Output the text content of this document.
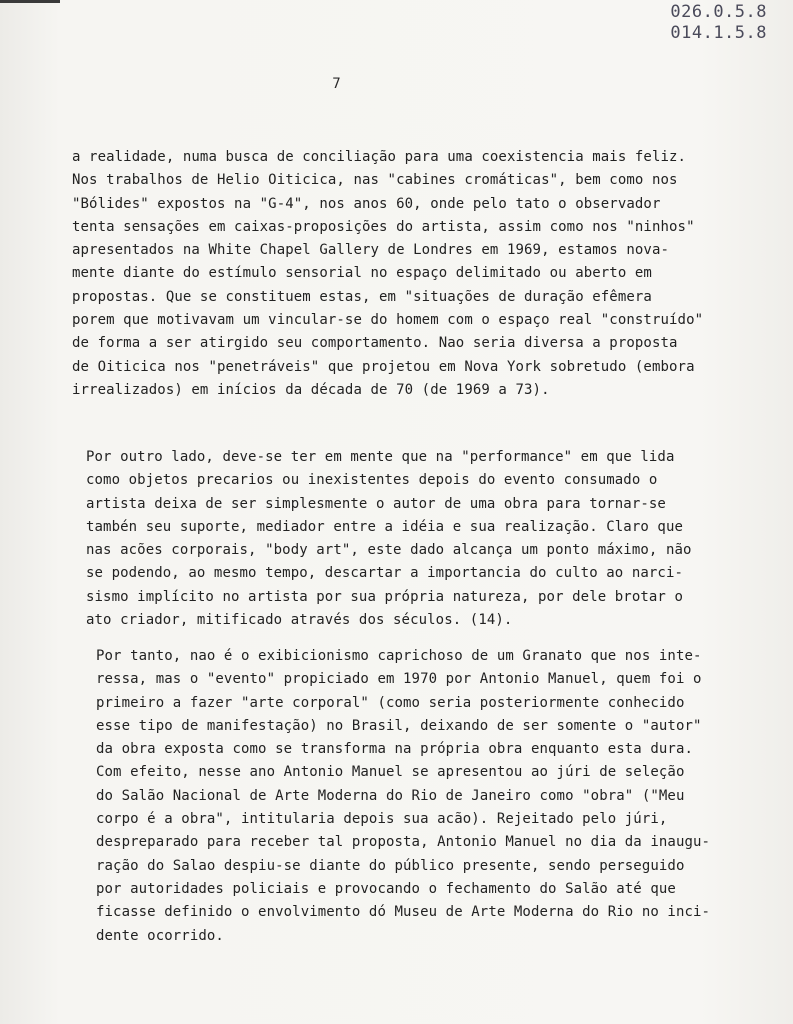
026.0.5.8
014.1.5.8
7
a realidade, numa busca de conciliação para uma coexistencia mais feliz.
Nos trabalhos de Helio Oiticica, nas "cabines cromáticas", bem como nos
"Bólides" expostos na "G-4", nos anos 60, onde pelo tato o observador
tenta sensações em caixas-proposições do artista, assim como nos "ninhos"
apresentados na White Chapel Gallery de Londres em 1969, estamos nova-
mente diante do estímulo sensorial no espaço delimitado ou aberto em
propostas. Que se constituem estas, em "situações de duração efêmera
porem que motivavam um vincular-se do homem com o espaço real "construído"
de forma a ser atirgido seu comportamento. Nao seria diversa a proposta
de Oiticica nos "penetráveis" que projetou em Nova York sobretudo (embora
irrealizados) em inícios da década de 70 (de 1969 a 73).
Por outro lado, deve-se ter em mente que na "performance" em que lida
como objetos precarios ou inexistentes depois do evento consumado o
artista deixa de ser simplesmente o autor de uma obra para tornar-se
tambén seu suporte, mediador entre a idéia e sua realização. Claro que
nas acões corporais, "body art", este dado alcança um ponto máximo, não
se podendo, ao mesmo tempo, descartar a importancia do culto ao narci-
sismo implícito no artista por sua própria natureza, por dele brotar o
ato criador, mitificado através dos séculos. (14).
Por tanto, nao é o exibicionismo caprichoso de um Granato que nos inte-
ressa, mas o "evento" propiciado em 1970 por Antonio Manuel, quem foi o
primeiro a fazer "arte corporal" (como seria posteriormente conhecido
esse tipo de manifestação) no Brasil, deixando de ser somente o "autor"
da obra exposta como se transforma na própria obra enquanto esta dura.
Com efeito, nesse ano Antonio Manuel se apresentou ao júri de seleção
do Salão Nacional de Arte Moderna do Rio de Janeiro como "obra" ("Meu
corpo é a obra", intitularia depois sua acão). Rejeitado pelo júri,
despreparado para receber tal proposta, Antonio Manuel no dia da inaugu-
ração do Salao despiu-se diante do público presente, sendo perseguido
por autoridades policiais e provocando o fechamento do Salão até que
ficasse definido o envolvimento dó Museu de Arte Moderna do Rio no inci-
dente ocorrido.
